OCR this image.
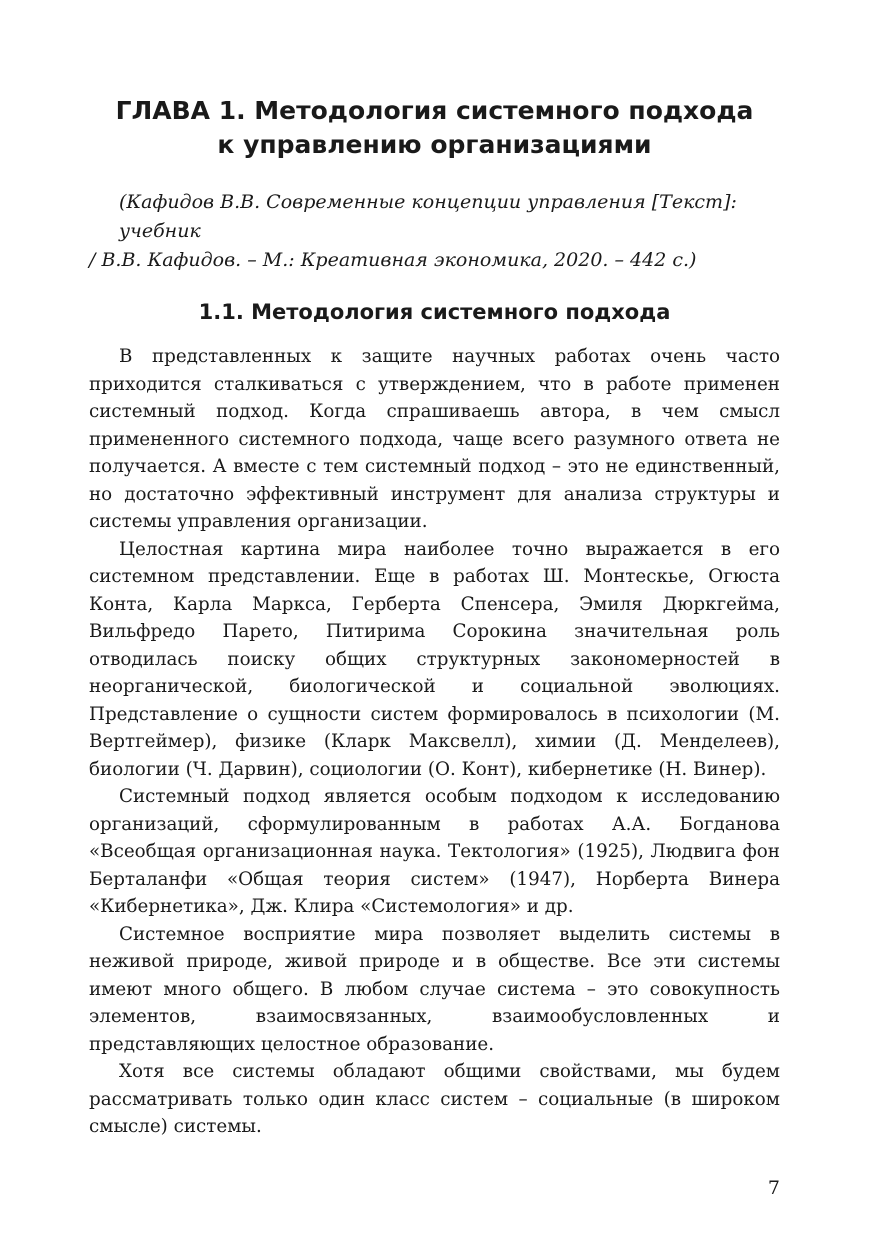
ГЛАВА 1. Методология системного подхода
к управлению организациями
(Кафидов В.В. Современные концепции управления [Текст]: учебник
/ В.В. Кафидов. – М.: Креативная экономика, 2020. – 442 с.)
1.1. Методология системного подхода

В представленных к защите научных работах очень часто приходится сталкиваться с утверждением, что в работе применен системный подход. Когда спрашиваешь автора, в чем смысл примененного системного подхода, чаще всего разумного ответа не получается. А вместе с тем системный подход – это не единственный, но достаточно эффективный инструмент для анализа структуры и системы управления организации.

Целостная картина мира наиболее точно выражается в его системном представлении. Еще в работах Ш. Монтескье, Огюста Конта, Карла Маркса, Герберта Спенсера, Эмиля Дюркгейма, Вильфредо Парето, Питирима Сорокина значительная роль отводилась поиску общих структурных закономерностей в неорганической, биологической и социальной эволюциях. Представление о сущности систем формировалось в психологии (М. Вертгеймер), физике (Кларк Максвелл), химии (Д. Менделеев), биологии (Ч. Дарвин), социологии (О. Конт), кибернетике (Н. Винер).

Системный подход является особым подходом к исследованию организаций, сформулированным в работах А.А. Богданова «Всеобщая организационная наука. Тектология» (1925), Людвига фон Берталанфи «Общая теория систем» (1947), Норберта Винера «Кибернетика», Дж. Клира «Системология» и др.

Системное восприятие мира позволяет выделить системы в неживой природе, живой природе и в обществе. Все эти системы имеют много общего. В любом случае система – это совокупность элементов, взаимосвязанных, взаимообусловленных и представляющих целостное образование.

Хотя все системы обладают общими свойствами, мы будем рассматривать только один класс систем – социальные (в широком смысле) системы.

7
